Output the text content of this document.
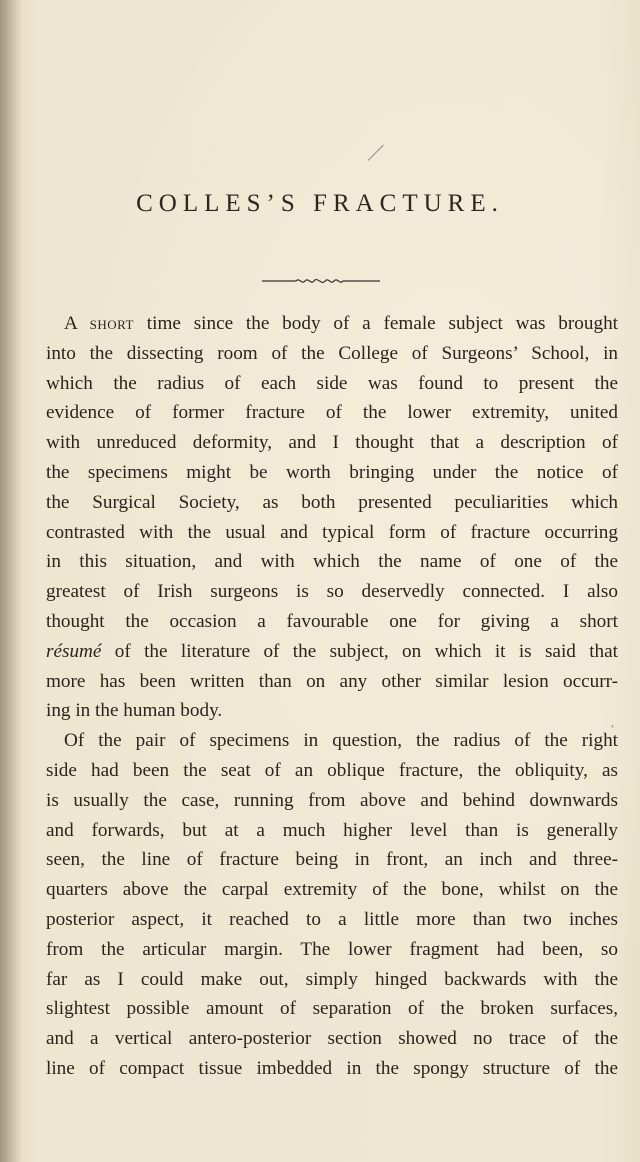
COLLES’S FRACTURE.
A short time since the body of a female subject was brought
into the dissecting room of the College of Surgeons’ School, in
which the radius of each side was found to present the
evidence of former fracture of the lower extremity, united
with unreduced deformity, and I thought that a description of
the specimens might be worth bringing under the notice of
the Surgical Society, as both presented peculiarities which
contrasted with the usual and typical form of fracture occurring
in this situation, and with which the name of one of the
greatest of Irish surgeons is so deservedly connected. I also
thought the occasion a favourable one for giving a short
résumé of the literature of the subject, on which it is said that
more has been written than on any other similar lesion occurr-
ing in the human body.
Of the pair of specimens in question, the radius of the right
side had been the seat of an oblique fracture, the obliquity, as
is usually the case, running from above and behind downwards
and forwards, but at a much higher level than is generally
seen, the line of fracture being in front, an inch and three-
quarters above the carpal extremity of the bone, whilst on the
posterior aspect, it reached to a little more than two inches
from the articular margin. The lower fragment had been, so
far as I could make out, simply hinged backwards with the
slightest possible amount of separation of the broken surfaces,
and a vertical antero-posterior section showed no trace of the
line of compact tissue imbedded in the spongy structure of the
,
